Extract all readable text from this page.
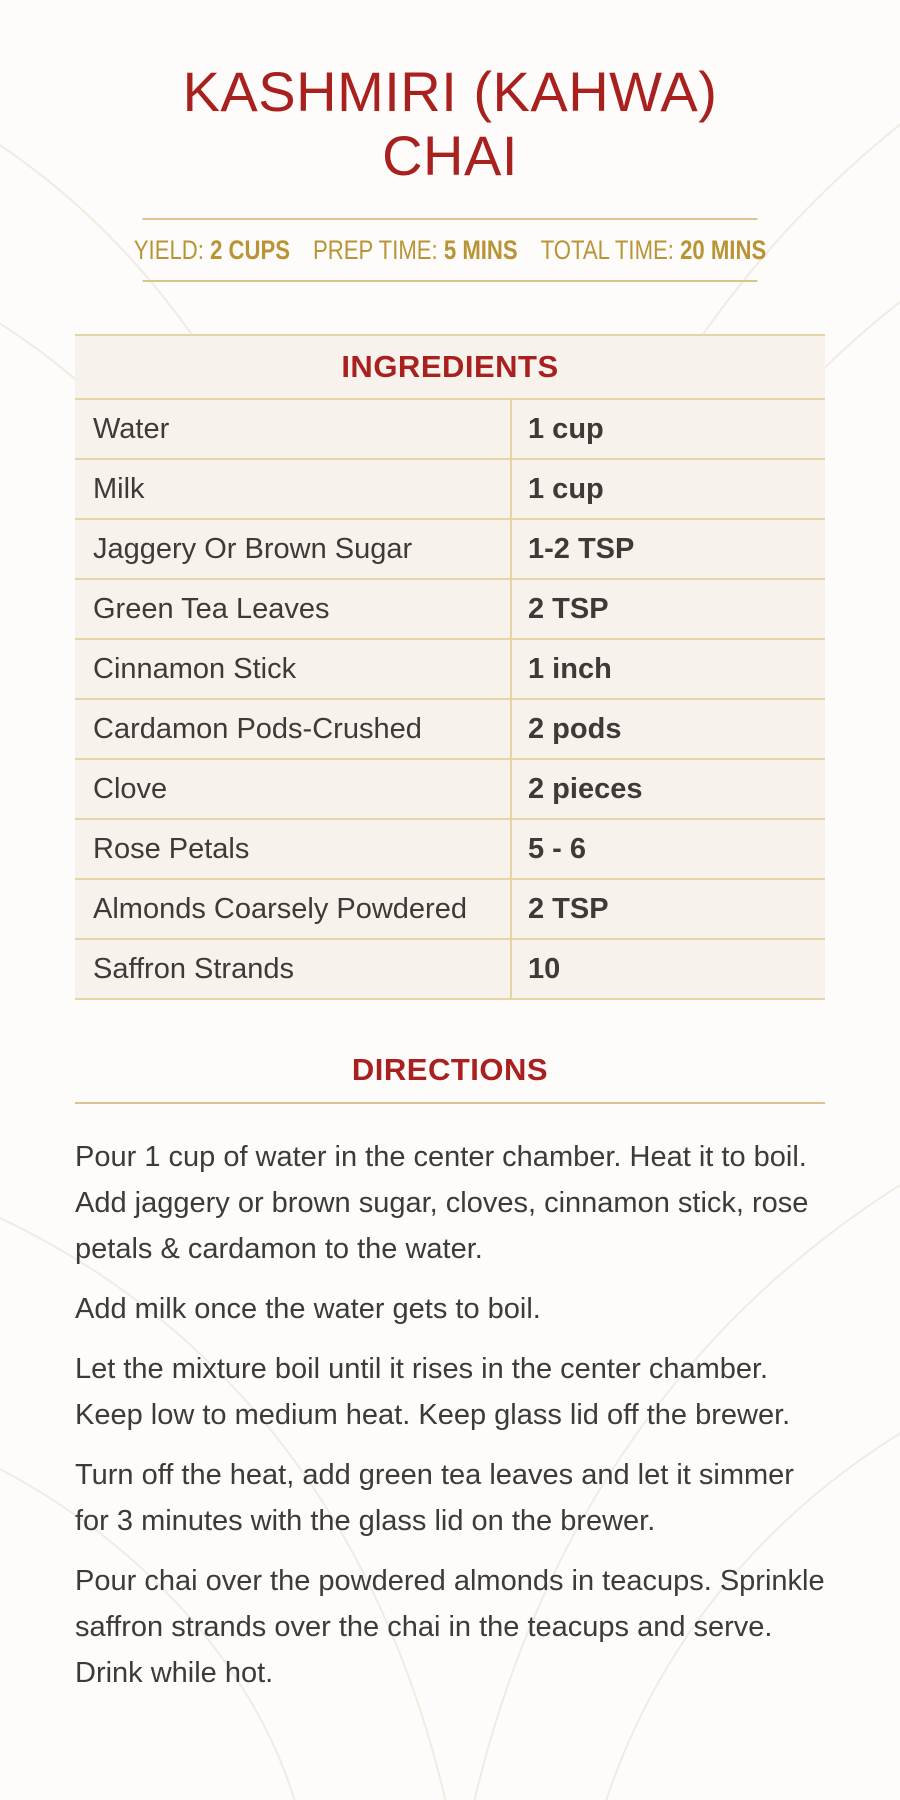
KASHMIRI (KAHWA)
CHAI
YIELD: 2 CUPS PREP TIME: 5 MINS TOTAL TIME: 20 MINS
INGREDIENTS
Water	1 cup
Milk	1 cup
Jaggery Or Brown Sugar	1-2 TSP
Green Tea Leaves	2 TSP
Cinnamon Stick	1 inch
Cardamon Pods-Crushed	2 pods
Clove	2 pieces
Rose Petals	5 - 6
Almonds Coarsely Powdered	2 TSP
Saffron Strands	10
DIRECTIONS

Pour 1 cup of water in the center chamber. Heat it to boil. Add jaggery or brown sugar, cloves, cinnamon stick, rose petals & cardamon to the water.

Add milk once the water gets to boil.

Let the mixture boil until it rises in the center chamber. Keep low to medium heat. Keep glass lid off the brewer.

Turn off the heat, add green tea leaves and let it simmer for 3 minutes with the glass lid on the brewer.

Pour chai over the powdered almonds in teacups. Sprinkle saffron strands over the chai in the teacups and serve. Drink while hot.
